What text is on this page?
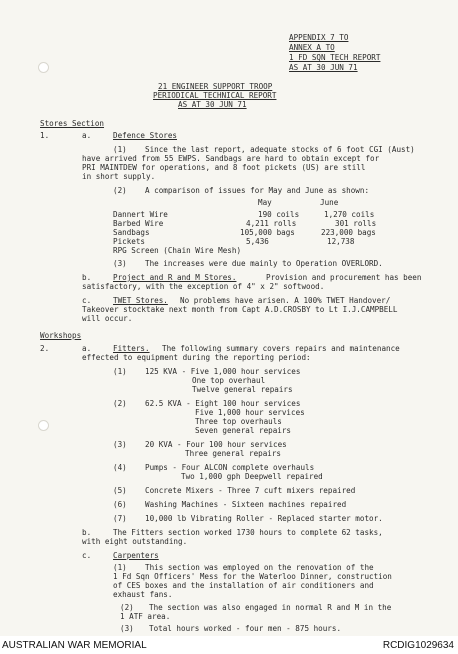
APPENDIX 7 TO
ANNEX A TO
1 FD SQN TECH REPORT
AS AT 30 JUN 71
21 ENGINEER SUPPORT TROOP
PERIODICAL TECHNICAL REPORT
AS AT 30 JUN 71
Stores Section
1.	a.	Defence Stores
(1) Since the last report, adequate stocks of 6 foot CGI (Aust)
have arrived from 55 EWPS. Sandbags are hard to obtain except for
PRI MAINTDEW for operations, and 8 foot pickets (US) are still
in short supply.
(2) A comparison of issues for May and June as shown:
May	June
Dannert Wire	190 coils	1,270 coils
Barbed Wire	4,211 rolls	301 rolls
Sandbags	105,000 bags	223,000 bags
Pickets	5,436	12,738
RPG Screen (Chain Wire Mesh)
(3) The increases were due mainly to Operation OVERLORD.
b.	Project and R and M Stores.	Provision and procurement has been
satisfactory, with the exception of 4" x 2" softwood.
c.	TWET Stores. No problems have arisen. A 100% TWET Handover/
Takeover stocktake next month from Capt A.D.CROSBY to Lt I.J.CAMPBELL
will occur.
Workshops
2.	a.	Fitters. The following summary covers repairs and maintenance
effected to equipment during the reporting period:
(1) 125 KVA - Five 1,000 hour services
One top overhaul
Twelve general repairs
(2) 62.5 KVA - Eight 100 hour services
Five 1,000 hour services
Three top overhauls
Seven general repairs
(3) 20 KVA - Four 100 hour services
Three general repairs
(4) Pumps - Four ALCON complete overhauls
Two 1,000 gph Deepwell repaired
(5) Concrete Mixers - Three 7 cuft mixers repaired
(6) Washing Machines - Sixteen machines repaired
(7) 10,000 lb Vibrating Roller - Replaced starter motor.
b.	The Fitters section worked 1730 hours to complete 62 tasks,
with eight outstanding.
c.	Carpenters
(1) This section was employed on the renovation of the
1 Fd Sqn Officers' Mess for the Waterloo Dinner, construction
of CES boxes and the installation of air conditioners and
exhaust fans.
(2) The section was also engaged in normal R and M in the
1 ATF area.
(3) Total hours worked - four men - 875 hours.
AUSTRALIAN WAR MEMORIAL	RCDIG1029634
